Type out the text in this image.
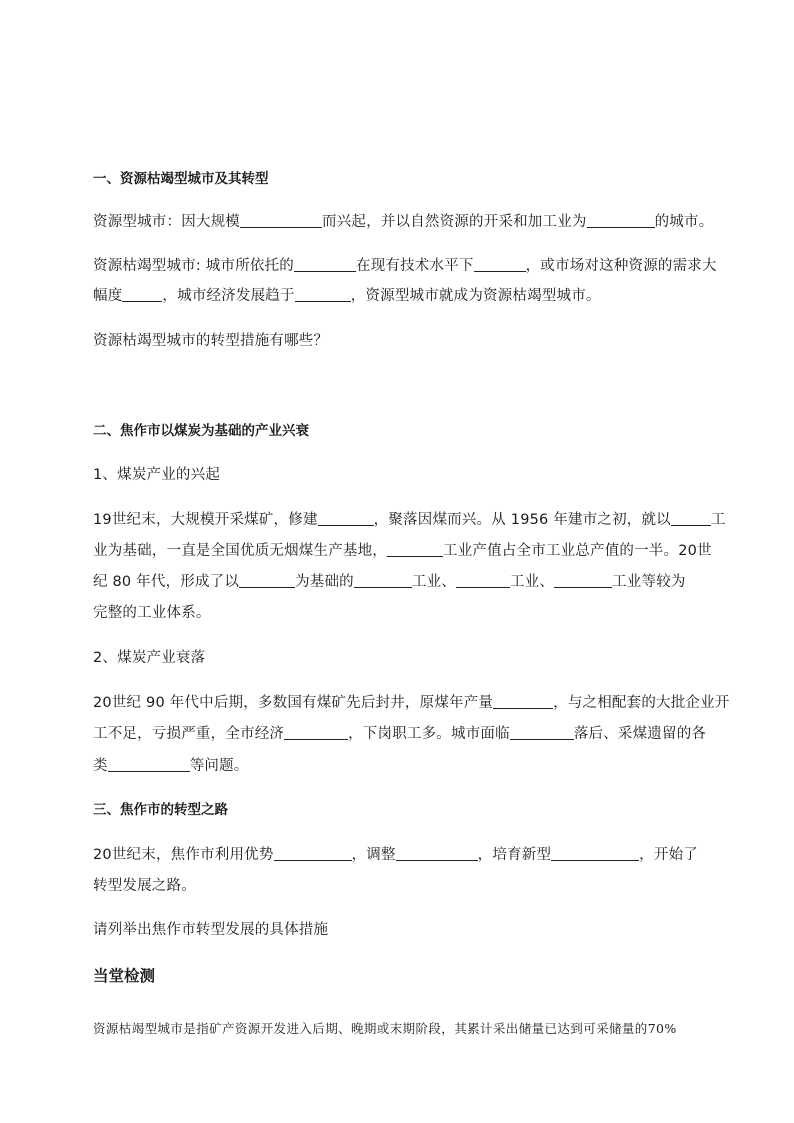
一、资源枯竭型城市及其转型
资源型城市：因大规模	而兴起，并以自然资源的开采和加工业为	的城市。
资源枯竭型城市: 城市所依托的	在现有技术水平下	，或市场对这种资源的需求大
幅度	，城市经济发展趋于	，资源型城市就成为资源枯竭型城市。
资源枯竭型城市的转型措施有哪些？
二、焦作市以煤炭为基础的产业兴衰
1、煤炭产业的兴起
19世纪末，大规模开采煤矿，修建	，聚落因煤而兴。从 1956 年建市之初，就以	工
业为基础，一直是全国优质无烟煤生产基地，	工业产值占全市工业总产值的一半。20世
纪 80 年代，形成了以	为基础的	工业、	工业、	工业等较为
完整的工业体系。
2、煤炭产业衰落
20世纪 90 年代中后期，多数国有煤矿先后封井，原煤年产量	，与之相配套的大批企业开
工不足，亏损严重，全市经济	，下岗职工多。城市面临	落后、采煤遗留的各
类	等问题。
三、焦作市的转型之路
20世纪末，焦作市利用优势	，调整	，培育新型	，开始了
转型发展之路。
请列举出焦作市转型发展的具体措施
当堂检测
资源枯竭型城市是指矿产资源开发进入后期、晚期或末期阶段，其累计采出储量已达到可采储量的70%
